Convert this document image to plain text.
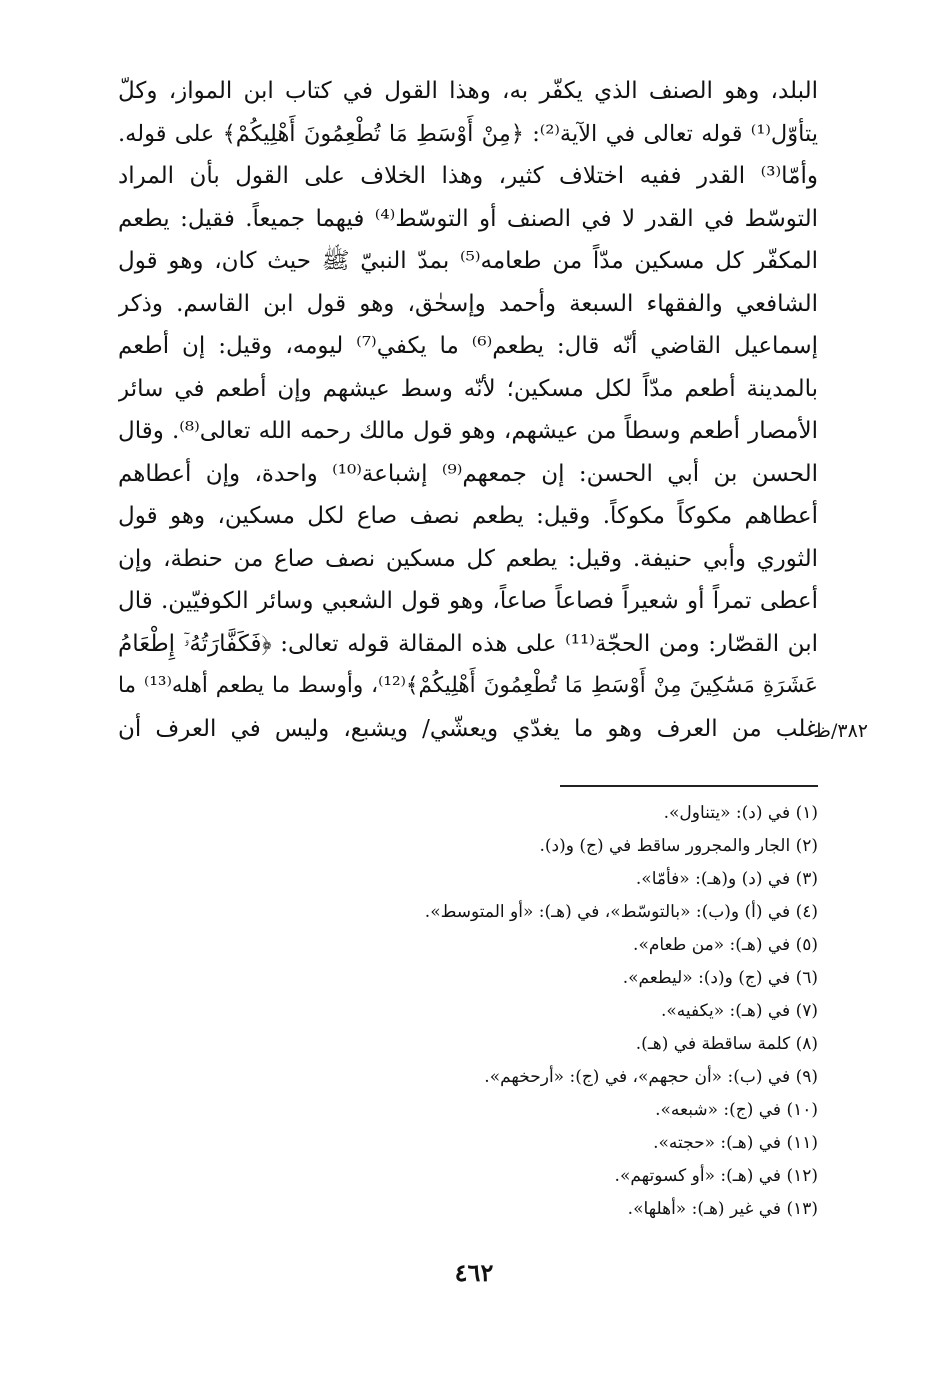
البلد، وهو الصنف الذي يكفّر به، وهذا القول في كتاب ابن المواز، وكلّ
يتأوّل⁽¹⁾ قوله تعالى في الآية⁽²⁾: ﴿مِنْ أَوْسَطِ مَا تُطْعِمُونَ أَهْلِيكُمْ﴾ على قوله.
وأمّا⁽³⁾ القدر ففيه اختلاف كثير، وهذا الخلاف على القول بأن المراد
التوسّط في القدر لا في الصنف أو التوسّط⁽⁴⁾ فيهما جميعاً. فقيل: يطعم
المكفّر كل مسكين مدّاً من طعامه⁽⁵⁾ بمدّ النبيّ ﷺ حيث كان، وهو قول
الشافعي والفقهاء السبعة وأحمد وإسحٰق، وهو قول ابن القاسم. وذكر
إسماعيل القاضي أنّه قال: يطعم⁽⁶⁾ ما يكفي⁽⁷⁾ ليومه، وقيل: إن أطعم
بالمدينة أطعم مدّاً لكل مسكين؛ لأنّه وسط عيشهم وإن أطعم في سائر
الأمصار أطعم وسطاً من عيشهم، وهو قول مالك رحمه الله تعالى⁽⁸⁾. وقال
الحسن بن أبي الحسن: إن جمعهم⁽⁹⁾ إشباعة⁽¹⁰⁾ واحدة، وإن أعطاهم
أعطاهم مكوكاً مكوكاً. وقيل: يطعم نصف صاع لكل مسكين، وهو قول
الثوري وأبي حنيفة. وقيل: يطعم كل مسكين نصف صاع من حنطة، وإن
أعطى تمراً أو شعيراً فصاعاً صاعاً، وهو قول الشعبي وسائر الكوفيّين. قال
ابن القصّار: ومن الحجّة⁽¹¹⁾ على هذه المقالة قوله تعالى: ﴿فَكَفَّارَتُهُۥٓ إِطْعَامُ
عَشَرَةِ مَسَٰكِينَ مِنْ أَوْسَطِ مَا تُطْعِمُونَ أَهْلِيكُمْ﴾⁽¹²⁾، وأوسط ما يطعم أهله⁽¹³⁾ ما
غلب من العرف وهو ما يغدّي ويعشّي/ ويشبع، وليس في العرف أن
٣٨٢/ظ
(١) في (د): «يتناول».
(٢) الجار والمجرور ساقط في (ج) و(د).
(٣) في (د) و(هـ): «فأمّا».
(٤) في (أ) و(ب): «بالتوسّط»، في (هـ): «أو المتوسط».
(٥) في (هـ): «من طعام».
(٦) في (ج) و(د): «ليطعم».
(٧) في (هـ): «يكفيه».
(٨) كلمة ساقطة في (هـ).
(٩) في (ب): «أن حجهم»، في (ج): «أرحخهم».
(١٠) في (ج): «شبعه».
(١١) في (هـ): «حجته».
(١٢) في (هـ): «أو كسوتهم».
(١٣) في غير (هـ): «أهلها».
٤٦٢
